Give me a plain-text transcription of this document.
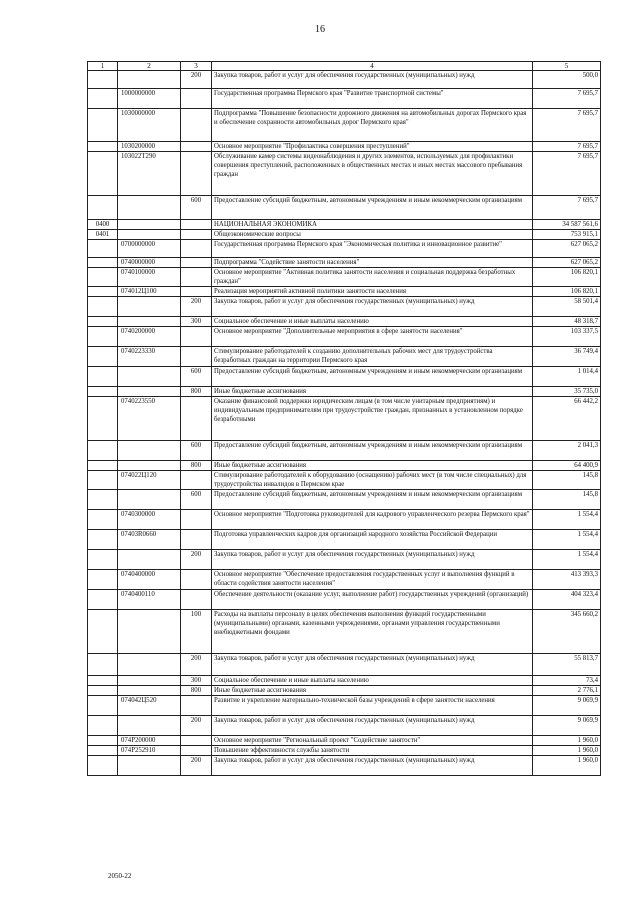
16
1	2	3	4	5
		200	Закупка товаров, работ и услуг для обеспечения государственных (муниципальных) нужд	500,0
	1000000000		Государственная программа Пермского края "Развитие транспортной системы"	7 695,7
	1030000000		Подпрограмма "Повышение безопасности дорожного движения на автомобильных дорогах Пермского края и обеспечение сохранности автомобильных дорог Пермского края"	7 695,7
	1030200000		Основное мероприятие "Профилактика совершения преступлений"	7 695,7
	103022Т290		Обслуживание камер системы видеонаблюдения и других элементов, используемых для профилактики совершения преступлений, расположенных в общественных местах и иных местах массового пребывания граждан	7 695,7
		600	Предоставление субсидий бюджетным, автономным учреждениям и иным некоммерческим организациям	7 695,7
0400			НАЦИОНАЛЬНАЯ ЭКОНОМИКА	34 587 561,6
0401			Общеэкономические вопросы	753 915,1
	0700000000		Государственная программа Пермского края "Экономическая политика и инновационное развитие"	627 065,2
	0740000000		Подпрограмма "Содействие занятости населения"	627 065,2
	0740100000		Основное мероприятие "Активная политика занятости населения и социальная поддержка безработных граждан"	106 820,1
	074012Ц100		Реализация мероприятий активной политики занятости населения	106 820,1
		200	Закупка товаров, работ и услуг для обеспечения государственных (муниципальных) нужд	58 501,4
		300	Социальное обеспечение и иные выплаты населению	48 318,7
	0740200000		Основное мероприятие "Дополнительные мероприятия в сфере занятости населения"	103 337,5
	0740223330		Стимулирование работодателей к созданию дополнительных рабочих мест для трудоустройства безработных граждан на территории Пермского края	36 749,4
		600	Предоставление субсидий бюджетным, автономным учреждениям и иным некоммерческим организациям	1 014,4
		800	Иные бюджетные ассигнования	35 735,0
	0740223550		Оказание финансовой поддержки юридическим лицам (в том числе унитарным предприятиям) и индивидуальным предпринимателям при трудоустройстве граждан, признанных в установленном порядке безработными	66 442,2
		600	Предоставление субсидий бюджетным, автономным учреждениям и иным некоммерческим организациям	2 041,3
		800	Иные бюджетные ассигнования	64 400,9
	074022Ц120		Стимулирование работодателей к оборудованию (оснащению) рабочих мест (в том числе специальных) для трудоустройства инвалидов в Пермском крае	145,8
		600	Предоставление субсидий бюджетным, автономным учреждениям и иным некоммерческим организациям	145,8
	0740300000		Основное мероприятие "Подготовка руководителей для кадрового управленческого резерва Пермского края"	1 554,4
	07403R0660		Подготовка управленческих кадров для организаций народного хозяйства Российской Федерации	1 554,4
		200	Закупка товаров, работ и услуг для обеспечения государственных (муниципальных) нужд	1 554,4
	0740400000		Основное мероприятие "Обеспечение предоставления государственных услуг и выполнения функций в области содействия занятости населения"	413 393,3
	0740400110		Обеспечение деятельности (оказание услуг, выполнение работ) государственных учреждений (организаций)	404 323,4
		100	Расходы на выплаты персоналу в целях обеспечения выполнения функций государственными (муниципальными) органами, казенными учреждениями, органами управления государственными внебюджетными фондами	345 660,2
		200	Закупка товаров, работ и услуг для обеспечения государственных (муниципальных) нужд	55 813,7
		300	Социальное обеспечение и иные выплаты населению	73,4
		800	Иные бюджетные ассигнования	2 776,1
	074042Ц520		Развитие и укрепление материально-технической базы учреждений в сфере занятости населения	9 069,9
		200	Закупка товаров, работ и услуг для обеспечения государственных (муниципальных) нужд	9 069,9
	074P200000		Основное мероприятие "Региональный проект "Содействие занятости"	1 960,0
	074P252910		Повышение эффективности службы занятости	1 960,0
		200	Закупка товаров, работ и услуг для обеспечения государственных (муниципальных) нужд	1 960,0
2050-22
